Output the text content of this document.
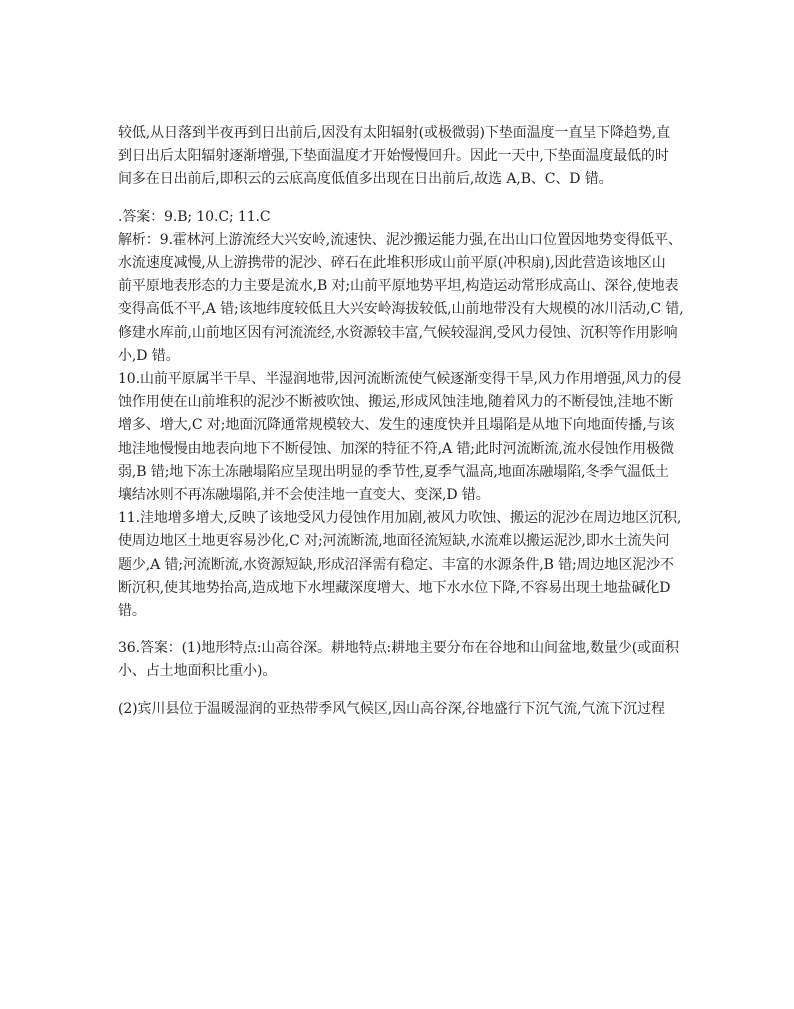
较低,从日落到半夜再到日出前后,因没有太阳辐射(或极微弱)下垫面温度一直呈下降趋势,直
到日出后太阳辐射逐渐增强,下垫面温度才开始慢慢回升。因此一天中,下垫面温度最低的时
间多在日出前后,即积云的云底高度低值多出现在日出前后,故选 A,B、C、D 错。
.答案：9.B; 10.C; 11.C
解析：9.霍林河上游流经大兴安岭,流速快、泥沙搬运能力强,在出山口位置因地势变得低平、
水流速度减慢,从上游携带的泥沙、碎石在此堆积形成山前平原(冲积扇),因此营造该地区山
前平原地表形态的力主要是流水,B 对;山前平原地势平坦,构造运动常形成高山、深谷,使地表
变得高低不平,A 错;该地纬度较低且大兴安岭海拔较低,山前地带没有大规模的冰川活动,C 错,
修建水库前,山前地区因有河流流经,水资源较丰富,气候较湿润,受风力侵蚀、沉积等作用影响
小,D 错。
10.山前平原属半干旱、半湿润地带,因河流断流使气候逐渐变得干旱,风力作用增强,风力的侵
蚀作用使在山前堆积的泥沙不断被吹蚀、搬运,形成风蚀洼地,随着风力的不断侵蚀,洼地不断
增多、增大,C 对;地面沉降通常规模较大、发生的速度快并且塌陷是从地下向地面传播,与该
地洼地慢慢由地表向地下不断侵蚀、加深的特征不符,A 错;此时河流断流,流水侵蚀作用极微
弱,B 错;地下冻土冻融塌陷应呈现出明显的季节性,夏季气温高,地面冻融塌陷,冬季气温低土
壤结冰则不再冻融塌陷,并不会使洼地一直变大、变深,D 错。
11.洼地增多增大,反映了该地受风力侵蚀作用加剧,被风力吹蚀、搬运的泥沙在周边地区沉积,
使周边地区土地更容易沙化,C 对;河流断流,地面径流短缺,水流难以搬运泥沙,即水土流失问
题少,A 错;河流断流,水资源短缺,形成沼泽需有稳定、丰富的水源条件,B 错;周边地区泥沙不
断沉积,使其地势抬高,造成地下水埋藏深度增大、地下水水位下降,不容易出现土地盐碱化D
错。
36.答案：(1)地形特点:山高谷深。耕地特点:耕地主要分布在谷地和山间盆地,数量少(或面积
小、占土地面积比重小)。
(2)宾川县位于温暖湿润的亚热带季风气候区,因山高谷深,谷地盛行下沉气流,气流下沉过程
